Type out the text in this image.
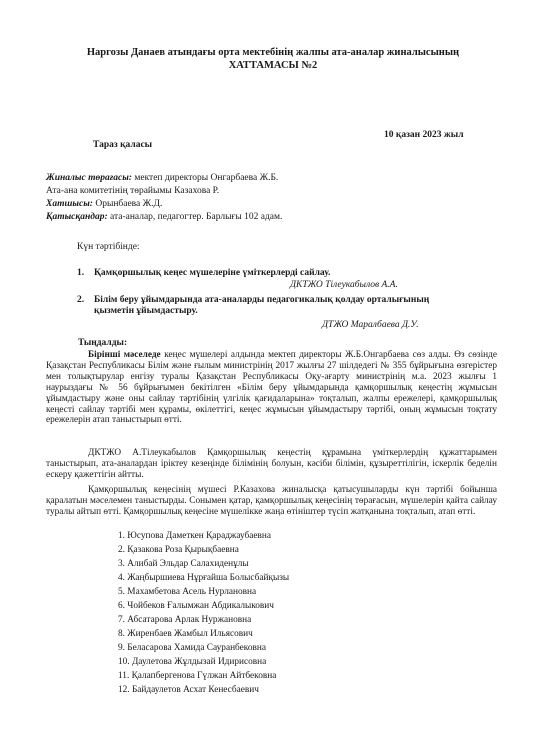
Наргозы Данаев атындағы орта мектебінің жалпы ата-аналар жиналысының
ХАТТАМАСЫ №2
Тараз қаласы
10 қазан 2023 жыл
Жиналыс төрағасы: мектеп директоры Онгарбаева Ж.Б.
Ата-ана комитетінің төрайымы Казахова Р.
Хатшысы: Орынбаева Ж.Д.
Қатысқандар: ата-аналар, педагогтер. Барлығы 102 адам.
Күн тәртібінде:
1. Қамқоршылық кеңес мүшелеріне үміткерлерді сайлау.
ДКТЖО Тілеукабылов А.А.
2. Білім беру ұйымдарында ата-аналарды педагогикалық қолдау орталығының
қызметін ұйымдастыру.
ДТЖО Маралбаева Д.У.
Тыңдалды:
Бірінші мәселеде кеңес мүшелері алдында мектеп директоры Ж.Б.Онгарбаева сөз алды. Өз сөзінде Қазақстан Республикасы Білім және ғылым министрінің 2017 жылғы 27 шілдедегі № 355 бұйрығына өзгерістер мен толықтырулар енгізу туралы Қазақстан Республикасы Оқу-ағарту министрінің м.а. 2023 жылғы 1 наурыздағы № 56 бұйрығымен бекітілген «Білім беру ұйымдарында қамқоршылық кеңестің жұмысын ұйымдастыру және оны сайлау тәртібінің үлгілік қағидаларына» тоқталып, жалпы ережелері, қамқоршылық кеңесті сайлау тәртібі мен құрамы, өкілеттігі, кеңес жұмысын ұйымдастыру тәртібі, оның жұмысын тоқтату ережелерін атап таныстырып өтті.
ДКТЖО А.Тілеукабылов Қамқоршылық кеңестің құрамына үміткерлердің құжаттарымен таныстырып, ата-аналардан іріктеу кезеңінде білімінің болуын, кәсіби білімін, құзыреттілігін, іскерлік беделін ескеру қажеттігін айтты.
Қамқоршылық кеңесінің мүшесі Р.Казахова жиналысқа қатысушыларды күн тәртібі бойынша қаралатын мәселемен таныстырды. Сонымен қатар, қамқоршылық кеңесінің төрағасын, мүшелерін қайта сайлау туралы айтып өтті. Қамқоршылық кеңесіне мүшелікке жаңа өтініштер түсіп жатқанына тоқталып, атап өтті.
1. Юсупова Даметкен Қараджаубаевна
2. Қазакова Роза Қырықбаевна
3. Алибай Эльдар Салахиденұлы
4. Жаңбыршиева Нұрғайша Болысбайқызы
5. Махамбетова Асель Нурлановна
6. Чойбеков Ғалымжан Абдикалыкович
7. Абсатарова Арлак Нуржановна
8. Жиренбаев Жамбыл Ильясович
9. Беласарова Хамида Сауранбековна
10. Даулетова Жұлдызай Идирисовна
11. Қалапбергенова Гүлжан Айтбековна
12. Байдаулетов Асхат Кенесбаевич
